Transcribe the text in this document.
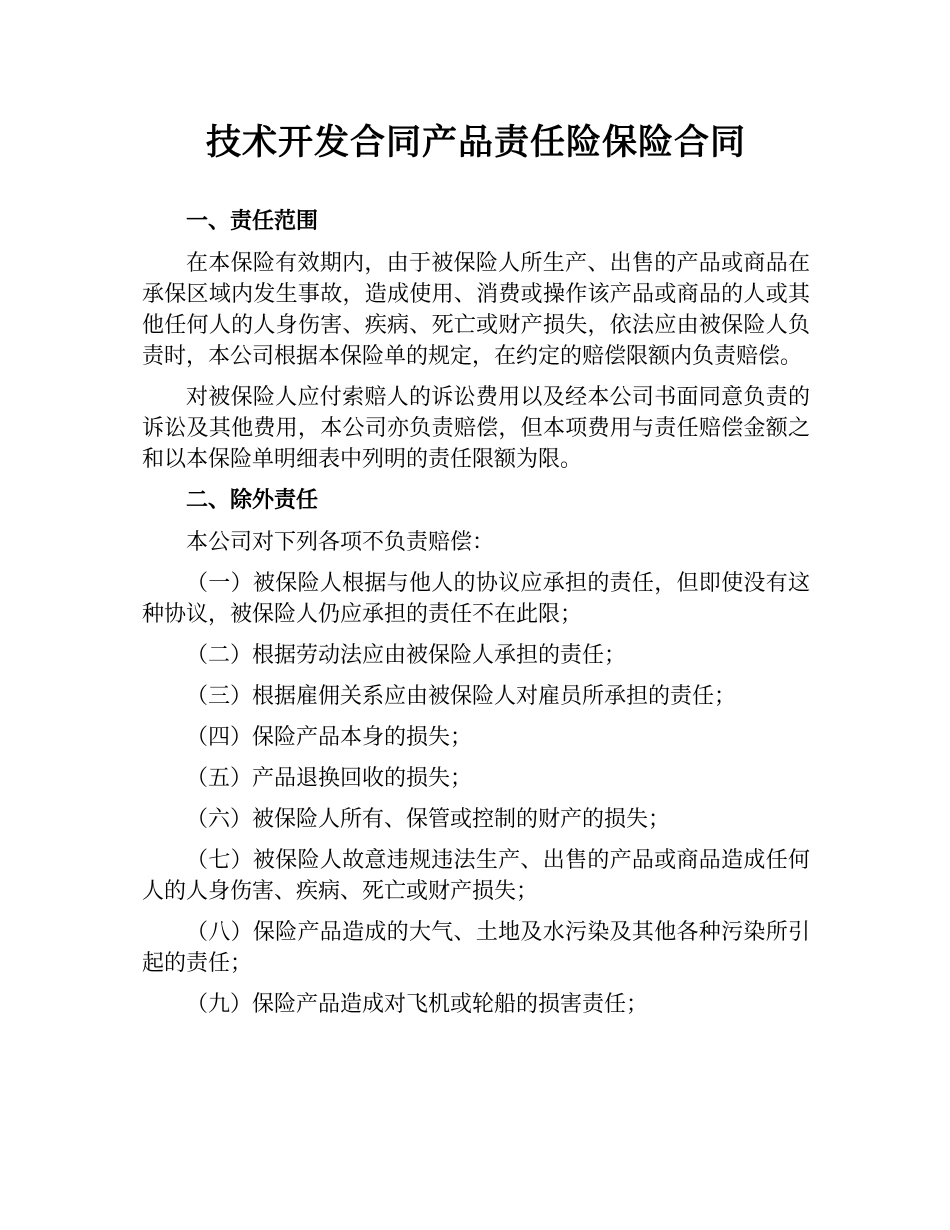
技术开发合同产品责任险保险合同
一、责任范围

在本保险有效期内，由于被保险人所生产、出售的产品或商品在承保区域内发生事故，造成使用、消费或操作该产品或商品的人或其他任何人的人身伤害、疾病、死亡或财产损失，依法应由被保险人负责时，本公司根据本保险单的规定，在约定的赔偿限额内负责赔偿。

对被保险人应付索赔人的诉讼费用以及经本公司书面同意负责的诉讼及其他费用，本公司亦负责赔偿，但本项费用与责任赔偿金额之和以本保险单明细表中列明的责任限额为限。

二、除外责任

本公司对下列各项不负责赔偿：

（一）被保险人根据与他人的协议应承担的责任，但即使没有这种协议，被保险人仍应承担的责任不在此限；

（二）根据劳动法应由被保险人承担的责任；

（三）根据雇佣关系应由被保险人对雇员所承担的责任；

（四）保险产品本身的损失；

（五）产品退换回收的损失；

（六）被保险人所有、保管或控制的财产的损失；

（七）被保险人故意违规违法生产、出售的产品或商品造成任何人的人身伤害、疾病、死亡或财产损失；

（八）保险产品造成的大气、土地及水污染及其他各种污染所引起的责任；

（九）保险产品造成对飞机或轮船的损害责任；
